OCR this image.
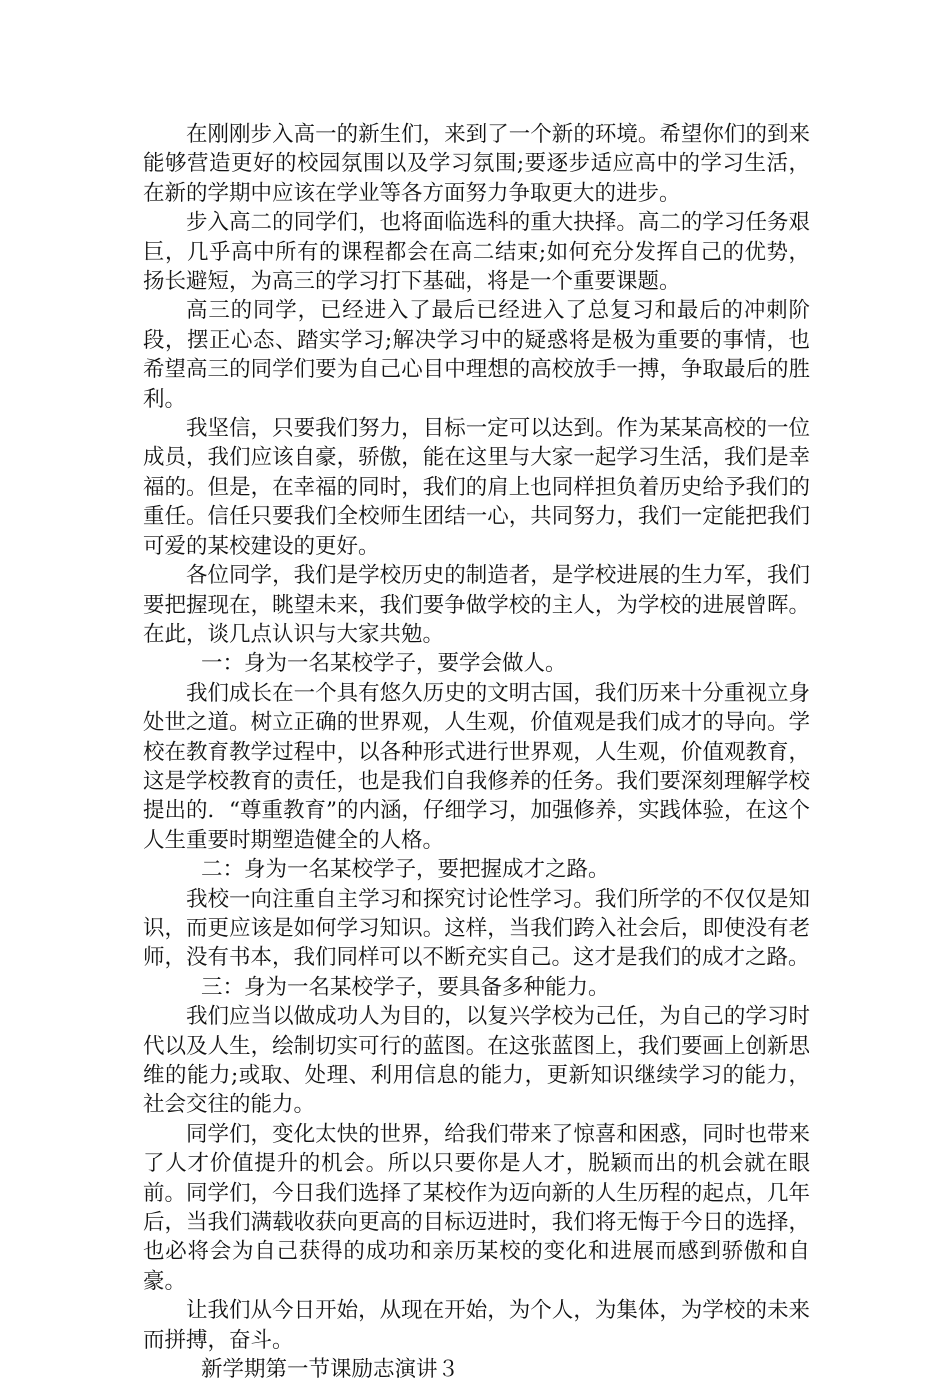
在刚刚步入高一的新生们，来到了一个新的环境。希望你们的到来能够营造更好的校园氛围以及学习氛围;要逐步适应高中的学习生活，在新的学期中应该在学业等各方面努力争取更大的进步。

步入高二的同学们，也将面临选科的重大抉择。高二的学习任务艰巨，几乎高中所有的课程都会在高二结束;如何充分发挥自己的优势，扬长避短，为高三的学习打下基础，将是一个重要课题。

高三的同学，已经进入了最后已经进入了总复习和最后的冲刺阶段，摆正心态、踏实学习;解决学习中的疑惑将是极为重要的事情，也希望高三的同学们要为自己心目中理想的高校放手一搏，争取最后的胜利。

我坚信，只要我们努力，目标一定可以达到。作为某某高校的一位成员，我们应该自豪，骄傲，能在这里与大家一起学习生活，我们是幸福的。但是，在幸福的同时，我们的肩上也同样担负着历史给予我们的重任。信任只要我们全校师生团结一心，共同努力，我们一定能把我们可爱的某校建设的更好。

各位同学，我们是学校历史的制造者，是学校进展的生力军，我们要把握现在，眺望未来，我们要争做学校的主人，为学校的进展曾晖。在此，谈几点认识与大家共勉。

一：身为一名某校学子，要学会做人。

我们成长在一个具有悠久历史的文明古国，我们历来十分重视立身处世之道。树立正确的世界观，人生观，价值观是我们成才的导向。学校在教育教学过程中，以各种形式进行世界观，人生观，价值观教育，这是学校教育的责任，也是我们自我修养的任务。我们要深刻理解学校提出的．“尊重教育”的内涵，仔细学习，加强修养，实践体验，在这个人生重要时期塑造健全的人格。

二：身为一名某校学子，要把握成才之路。

我校一向注重自主学习和探究讨论性学习。我们所学的不仅仅是知识，而更应该是如何学习知识。这样，当我们跨入社会后，即使没有老师，没有书本，我们同样可以不断充实自己。这才是我们的成才之路。

三：身为一名某校学子，要具备多种能力。

我们应当以做成功人为目的，以复兴学校为己任，为自己的学习时代以及人生，绘制切实可行的蓝图。在这张蓝图上，我们要画上创新思维的能力;或取、处理、利用信息的能力，更新知识继续学习的能力，社会交往的能力。

同学们，变化太快的世界，给我们带来了惊喜和困惑，同时也带来了人才价值提升的机会。所以只要你是人才，脱颖而出的机会就在眼前。同学们，今日我们选择了某校作为迈向新的人生历程的起点，几年后，当我们满载收获向更高的目标迈进时，我们将无悔于今日的选择，也必将会为自己获得的成功和亲历某校的变化和进展而感到骄傲和自豪。

让我们从今日开始，从现在开始，为个人，为集体，为学校的未来而拼搏，奋斗。

新学期第一节课励志演讲３
